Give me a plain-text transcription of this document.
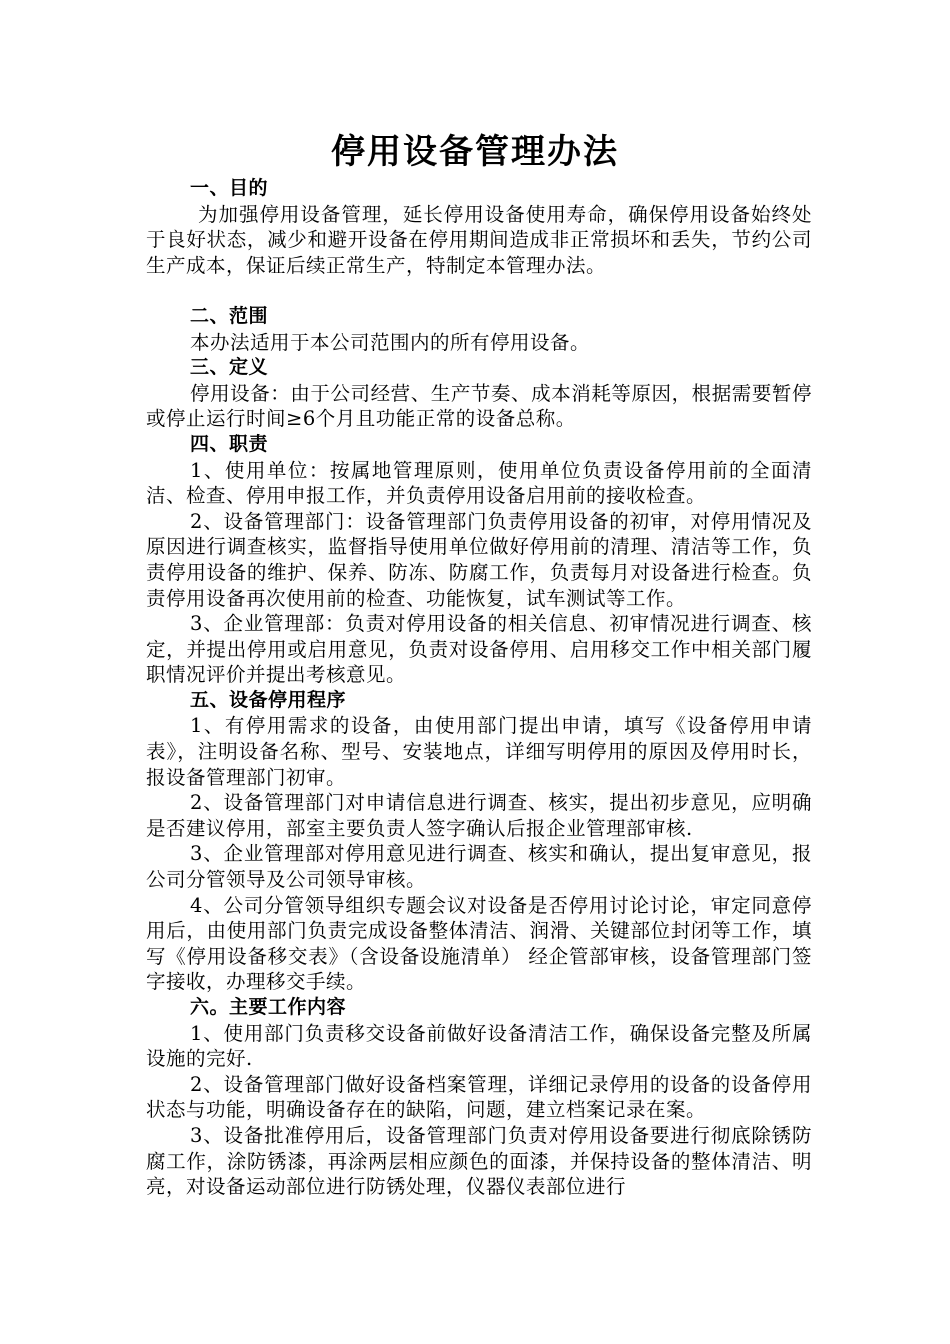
停用设备管理办法
一、目的

为加强停用设备管理，延长停用设备使用寿命，确保停用设备始终处于良好状态，减少和避开设备在停用期间造成非正常损坏和丢失，节约公司生产成本，保证后续正常生产，特制定本管理办法。

二、范围

本办法适用于本公司范围内的所有停用设备。

三、定义

停用设备：由于公司经营、生产节奏、成本消耗等原因，根据需要暂停或停止运行时间≥6个月且功能正常的设备总称。

四、职责

1、使用单位：按属地管理原则，使用单位负责设备停用前的全面清洁、检查、停用申报工作，并负责停用设备启用前的接收检查。

2、设备管理部门：设备管理部门负责停用设备的初审，对停用情况及原因进行调查核实，监督指导使用单位做好停用前的清理、清洁等工作，负责停用设备的维护、保养、防冻、防腐工作，负责每月对设备进行检查。负责停用设备再次使用前的检查、功能恢复，试车测试等工作。

3、企业管理部：负责对停用设备的相关信息、初审情况进行调查、核定，并提出停用或启用意见，负责对设备停用、启用移交工作中相关部门履职情况评价并提出考核意见。

五、设备停用程序

1、有停用需求的设备，由使用部门提出申请，填写《设备停用申请表》，注明设备名称、型号、安装地点，详细写明停用的原因及停用时长，报设备管理部门初审。

2、设备管理部门对申请信息进行调查、核实，提出初步意见，应明确是否建议停用，部室主要负责人签字确认后报企业管理部审核.

3、企业管理部对停用意见进行调查、核实和确认，提出复审意见，报公司分管领导及公司领导审核。

4、公司分管领导组织专题会议对设备是否停用讨论讨论，审定同意停用后，由使用部门负责完成设备整体清洁、润滑、关键部位封闭等工作，填写《停用设备移交表》（含设备设施清单） 经企管部审核，设备管理部门签字接收，办理移交手续。

六。主要工作内容

1、使用部门负责移交设备前做好设备清洁工作，确保设备完整及所属设施的完好.

2、设备管理部门做好设备档案管理，详细记录停用的设备的设备停用状态与功能，明确设备存在的缺陷，问题，建立档案记录在案。

3、设备批准停用后，设备管理部门负责对停用设备要进行彻底除锈防腐工作，涂防锈漆，再涂两层相应颜色的面漆，并保持设备的整体清洁、明亮，对设备运动部位进行防锈处理，仪器仪表部位进行
